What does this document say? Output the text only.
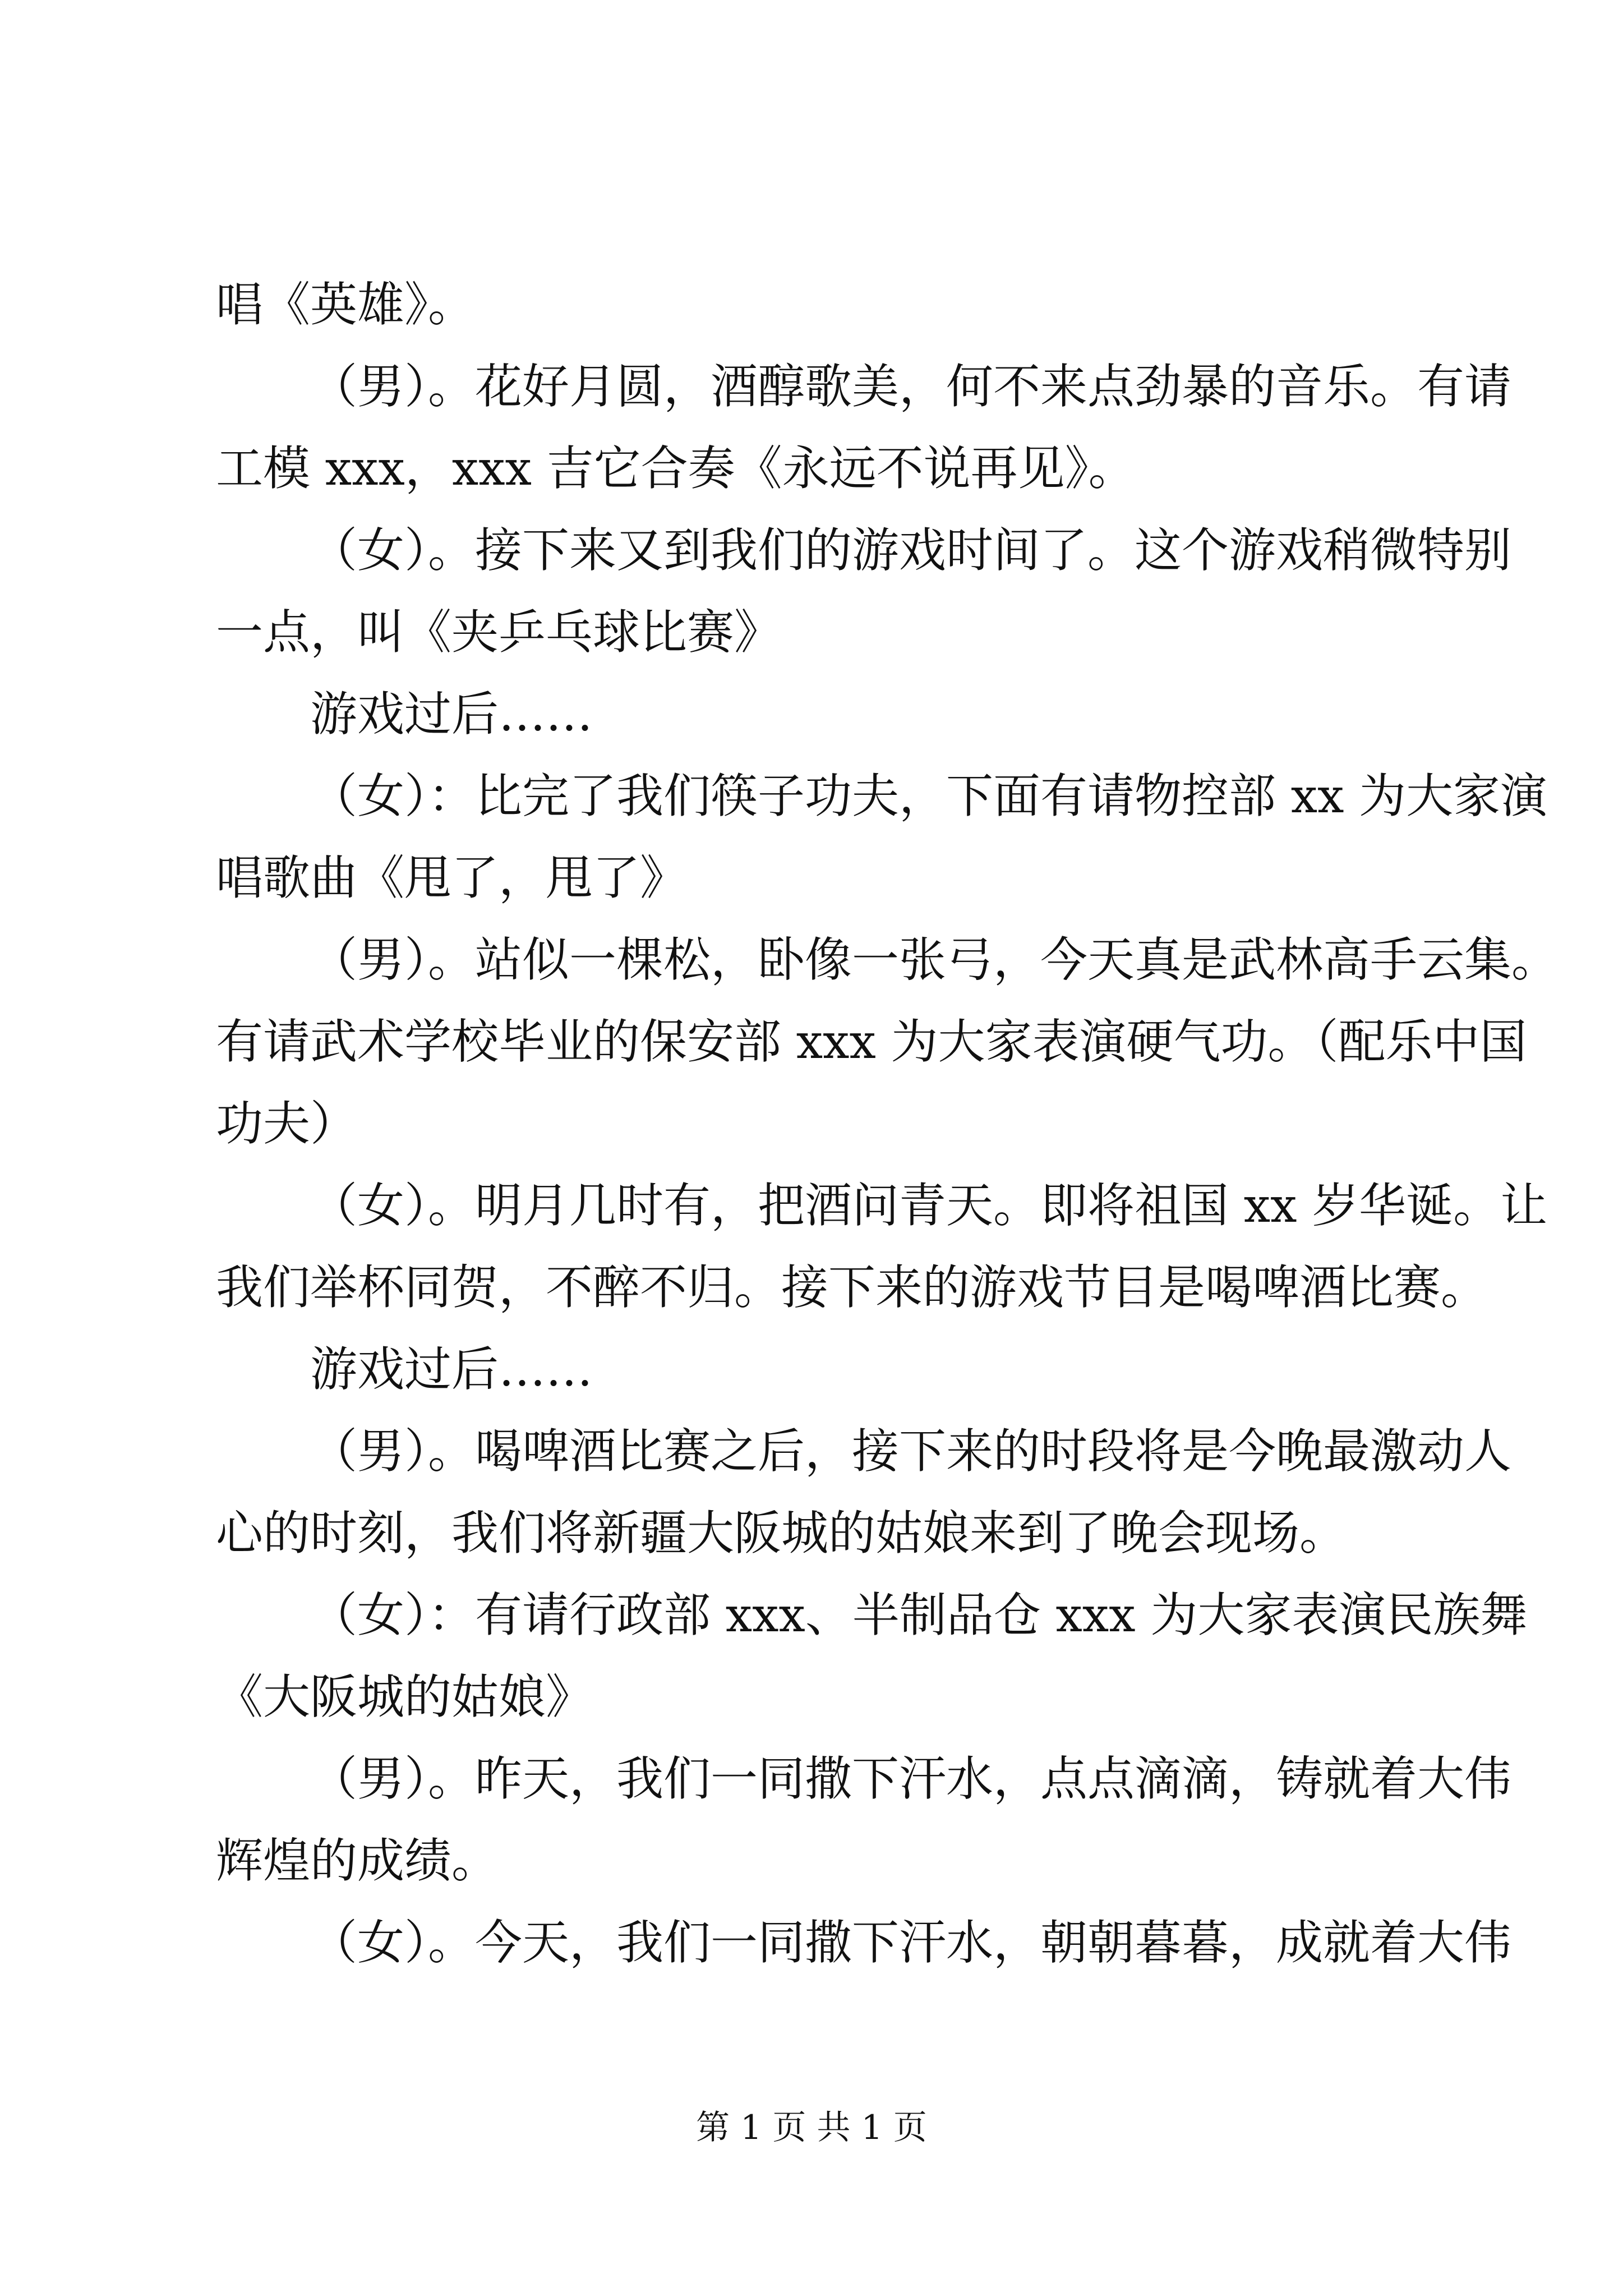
唱《英雄》。

（男）。花好月圆，酒醇歌美，何不来点劲暴的音乐。有请

工模 xxx，xxx 吉它合奏《永远不说再见》。

（女）。接下来又到我们的游戏时间了。这个游戏稍微特别

一点，叫《夹乒乓球比赛》

游戏过后……

（女）：比完了我们筷子功夫，下面有请物控部 xx 为大家演

唱歌曲《甩了，甩了》

（男）。站似一棵松，卧像一张弓，今天真是武林高手云集。

有请武术学校毕业的保安部 xxx 为大家表演硬气功。（配乐中国

功夫）

（女）。明月几时有，把酒问青天。即将祖国 xx 岁华诞。让

我们举杯同贺，不醉不归。接下来的游戏节目是喝啤酒比赛。

游戏过后……

（男）。喝啤酒比赛之后，接下来的时段将是今晚最激动人

心的时刻，我们将新疆大阪城的姑娘来到了晚会现场。

（女）：有请行政部 xxx、半制品仓 xxx 为大家表演民族舞

《大阪城的姑娘》

（男）。昨天，我们一同撒下汗水，点点滴滴，铸就着大伟

辉煌的成绩。

（女）。今天，我们一同撒下汗水，朝朝暮暮，成就着大伟

第 1 页 共 1 页
